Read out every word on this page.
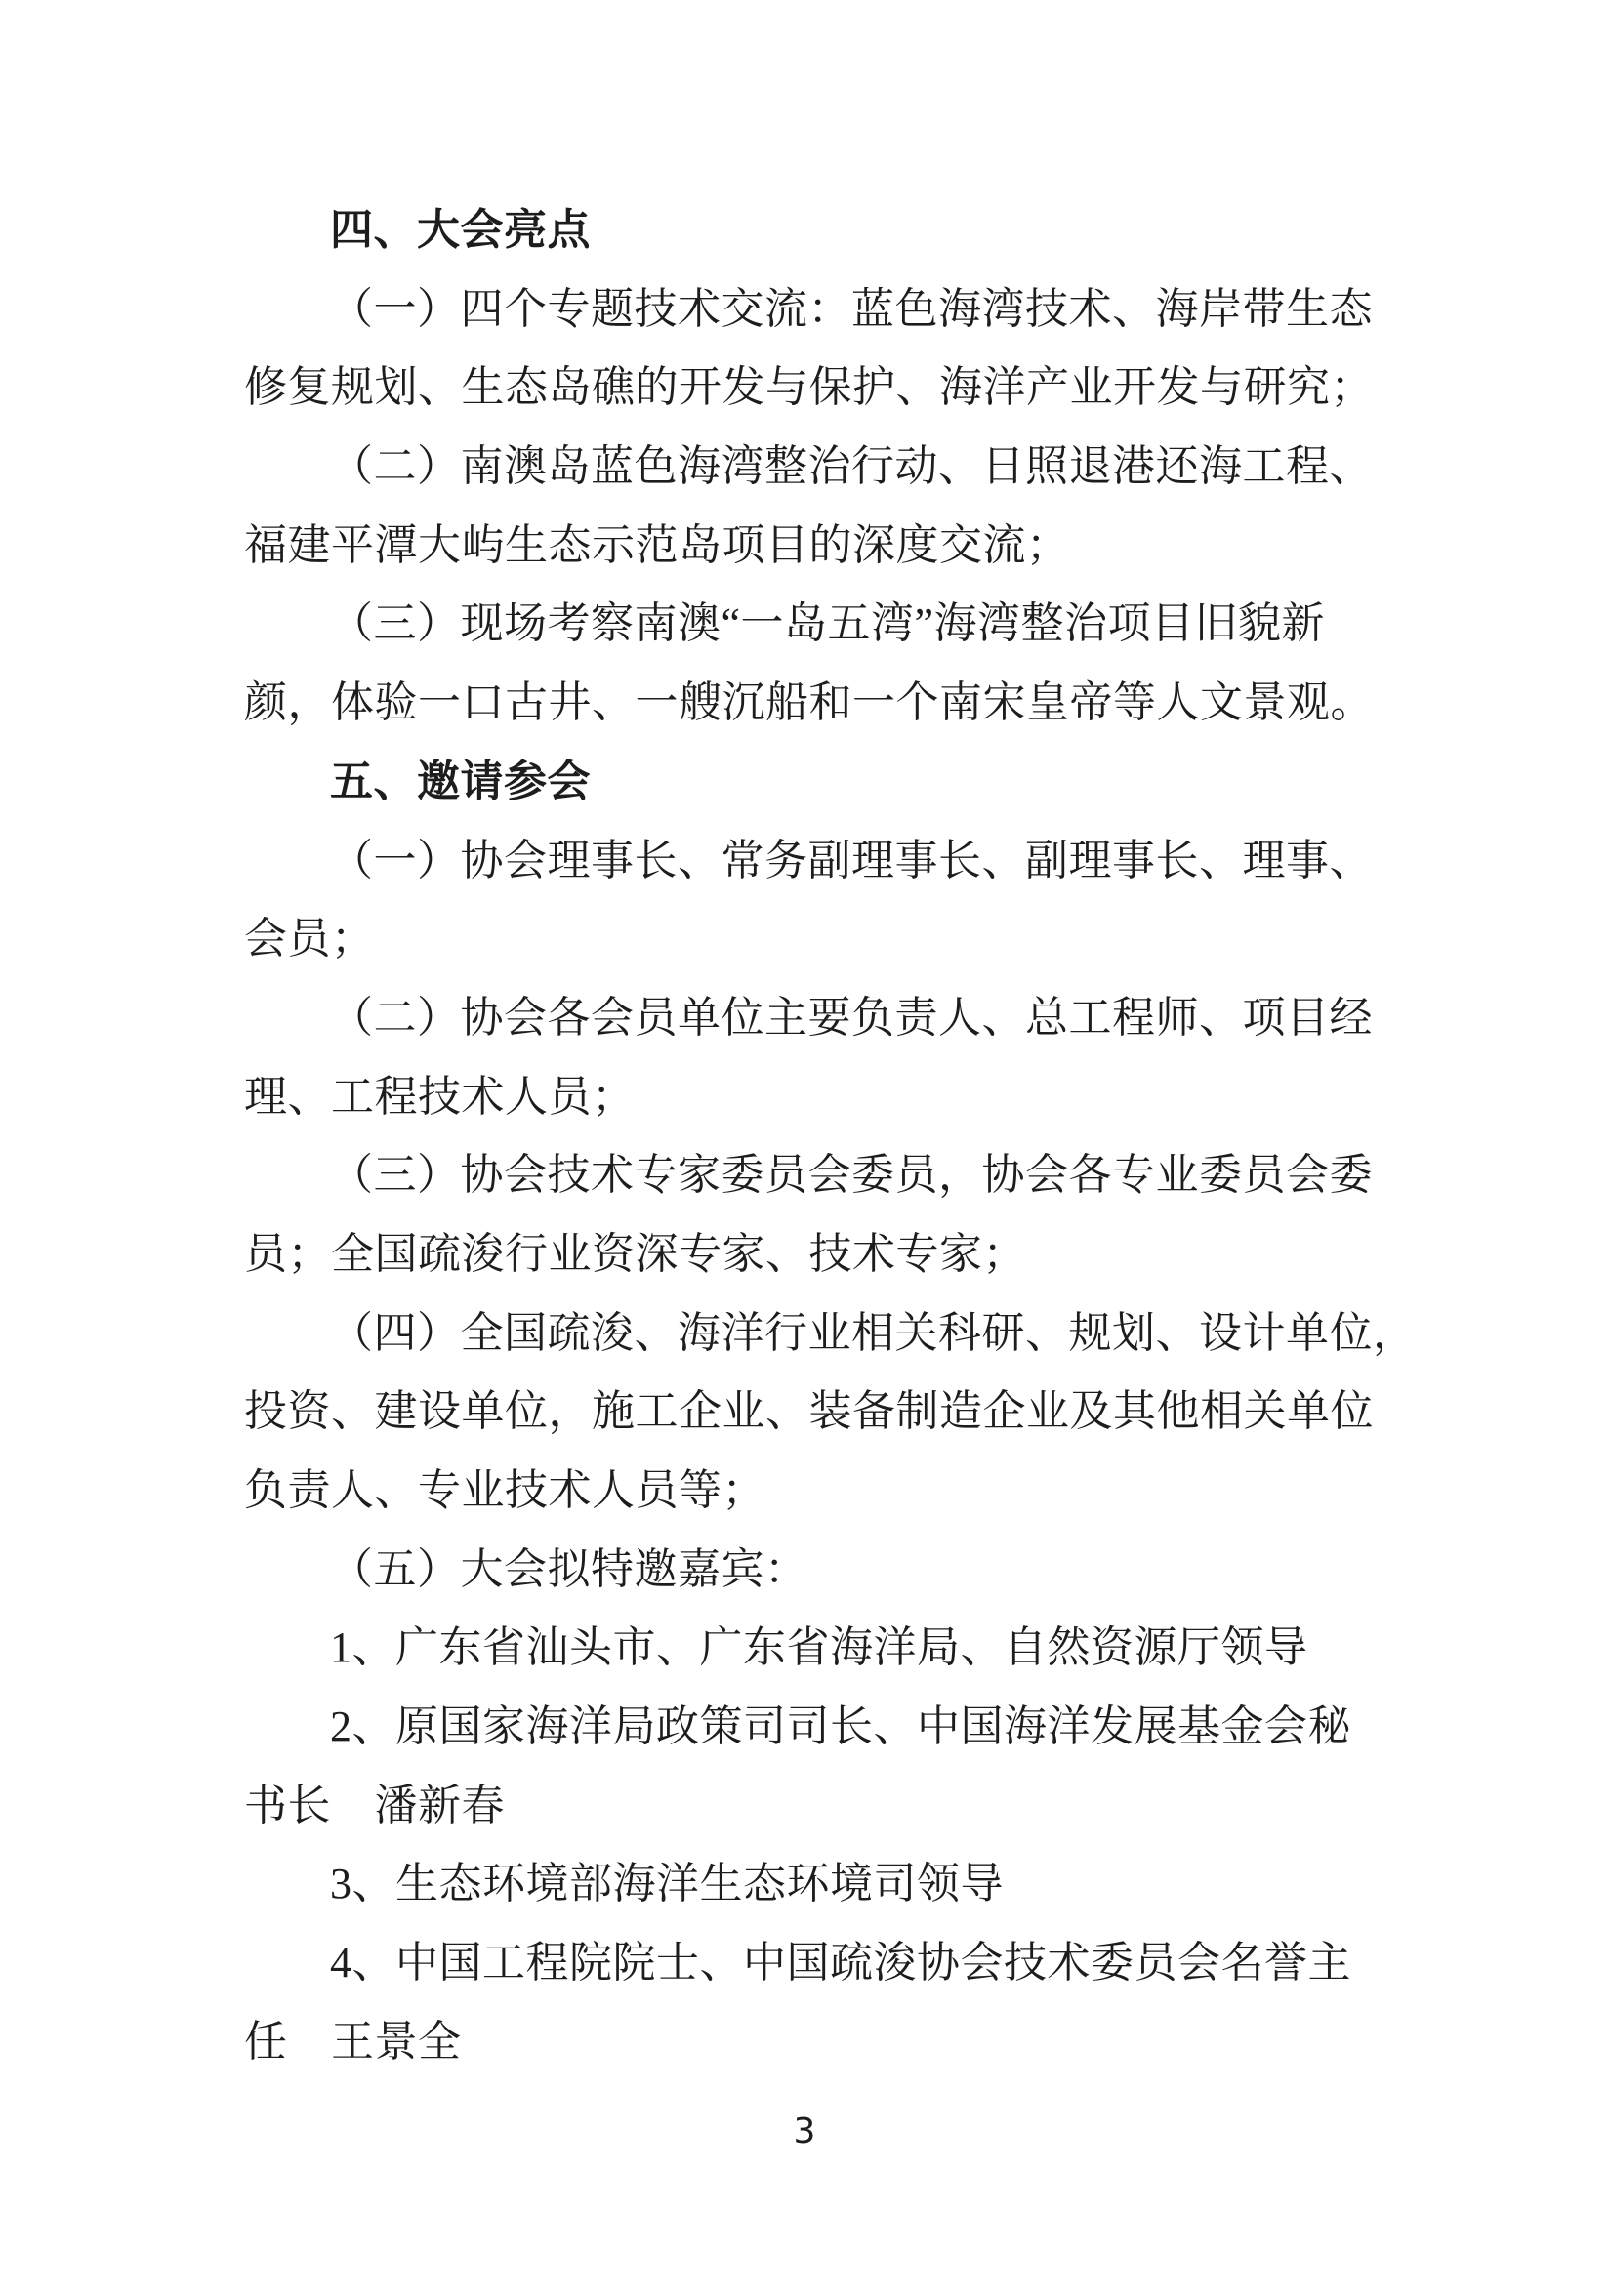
四、大会亮点
（一）四个专题技术交流：蓝色海湾技术、海岸带生态
修复规划、生态岛礁的开发与保护、海洋产业开发与研究；
（二）南澳岛蓝色海湾整治行动、日照退港还海工程、
福建平潭大屿生态示范岛项目的深度交流；
（三）现场考察南澳“一岛五湾”海湾整治项目旧貌新
颜，体验一口古井、一艘沉船和一个南宋皇帝等人文景观。
五、邀请参会
（一）协会理事长、常务副理事长、副理事长、理事、
会员；
（二）协会各会员单位主要负责人、总工程师、项目经
理、工程技术人员；
（三）协会技术专家委员会委员，协会各专业委员会委
员；全国疏浚行业资深专家、技术专家；
（四）全国疏浚、海洋行业相关科研、规划、设计单位，
投资、建设单位，施工企业、装备制造企业及其他相关单位
负责人、专业技术人员等；
（五）大会拟特邀嘉宾：
1、广东省汕头市、广东省海洋局、自然资源厅领导
2、原国家海洋局政策司司长、中国海洋发展基金会秘
书长　潘新春
3、生态环境部海洋生态环境司领导
4、中国工程院院士、中国疏浚协会技术委员会名誉主
任　王景全
3
